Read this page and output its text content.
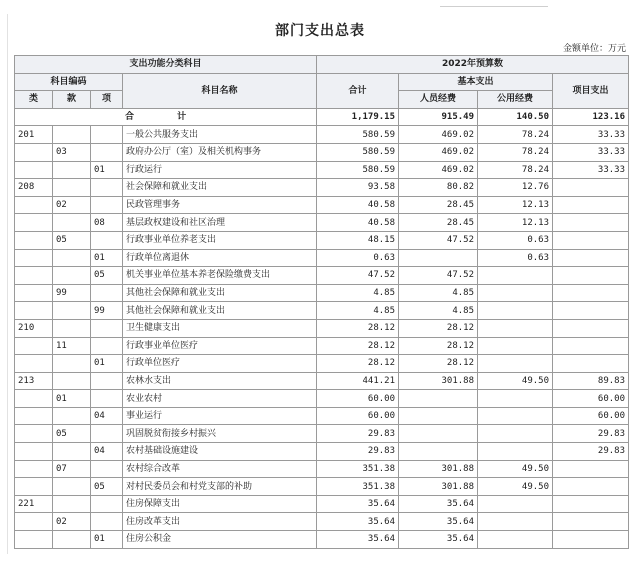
部门支出总表
金额单位：万元
支出功能分类科目				2022年预算数			
科目编码			科目名称	合计	基本支出		项目支出
类	款	项			人员经费	公用经费	
合 计				1,179.15	915.49	140.50	123.16
201			一般公共服务支出	580.59	469.02	78.24	33.33
	03		政府办公厅（室）及相关机构事务	580.59	469.02	78.24	33.33
		01	行政运行	580.59	469.02	78.24	33.33
208			社会保障和就业支出	93.58	80.82	12.76	
	02		民政管理事务	40.58	28.45	12.13	
		08	基层政权建设和社区治理	40.58	28.45	12.13	
	05		行政事业单位养老支出	48.15	47.52	0.63	
		01	行政单位离退休	0.63		0.63	
		05	机关事业单位基本养老保险缴费支出	47.52	47.52		
	99		其他社会保障和就业支出	4.85	4.85		
		99	其他社会保障和就业支出	4.85	4.85		
210			卫生健康支出	28.12	28.12		
	11		行政事业单位医疗	28.12	28.12		
		01	行政单位医疗	28.12	28.12		
213			农林水支出	441.21	301.88	49.50	89.83
	01		农业农村	60.00			60.00
		04	事业运行	60.00			60.00
	05		巩固脱贫衔接乡村振兴	29.83			29.83
		04	农村基础设施建设	29.83			29.83
	07		农村综合改革	351.38	301.88	49.50	
		05	对村民委员会和村党支部的补助	351.38	301.88	49.50	
221			住房保障支出	35.64	35.64		
	02		住房改革支出	35.64	35.64		
		01	住房公积金	35.64	35.64		
